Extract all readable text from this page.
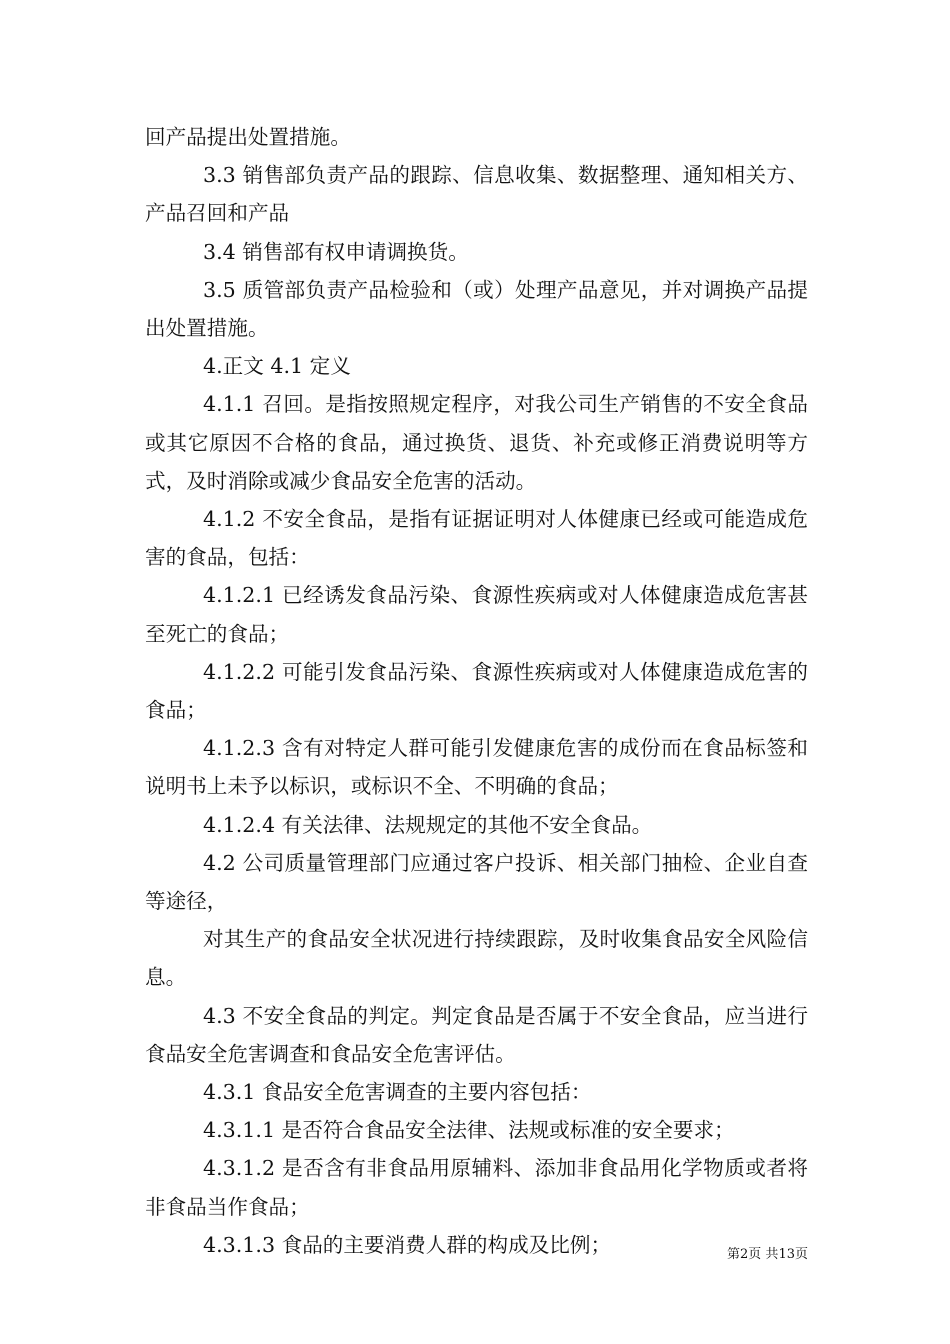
回产品提出处置措施。

3.3 销售部负责产品的跟踪、信息收集、数据整理、通知相关方、产品召回和产品

3.4 销售部有权申请调换货。

3.5 质管部负责产品检验和（或）处理产品意见，并对调换产品提出处置措施。

4.正文 4.1 定义

4.1.1 召回。是指按照规定程序，对我公司生产销售的不安全食品或其它原因不合格的食品，通过换货、退货、补充或修正消费说明等方式，及时消除或减少食品安全危害的活动。

4.1.2 不安全食品，是指有证据证明对人体健康已经或可能造成危害的食品，包括：

4.1.2.1 已经诱发食品污染、食源性疾病或对人体健康造成危害甚至死亡的食品；

4.1.2.2 可能引发食品污染、食源性疾病或对人体健康造成危害的食品；

4.1.2.3 含有对特定人群可能引发健康危害的成份而在食品标签和说明书上未予以标识，或标识不全、不明确的食品；

4.1.2.4 有关法律、法规规定的其他不安全食品。

4.2 公司质量管理部门应通过客户投诉、相关部门抽检、企业自查等途径，

对其生产的食品安全状况进行持续跟踪，及时收集食品安全风险信息。

4.3 不安全食品的判定。判定食品是否属于不安全食品，应当进行食品安全危害调查和食品安全危害评估。

4.3.1 食品安全危害调查的主要内容包括：

4.3.1.1 是否符合食品安全法律、法规或标准的安全要求；

4.3.1.2 是否含有非食品用原辅料、添加非食品用化学物质或者将非食品当作食品；

4.3.1.3 食品的主要消费人群的构成及比例；	第2页 共13页
